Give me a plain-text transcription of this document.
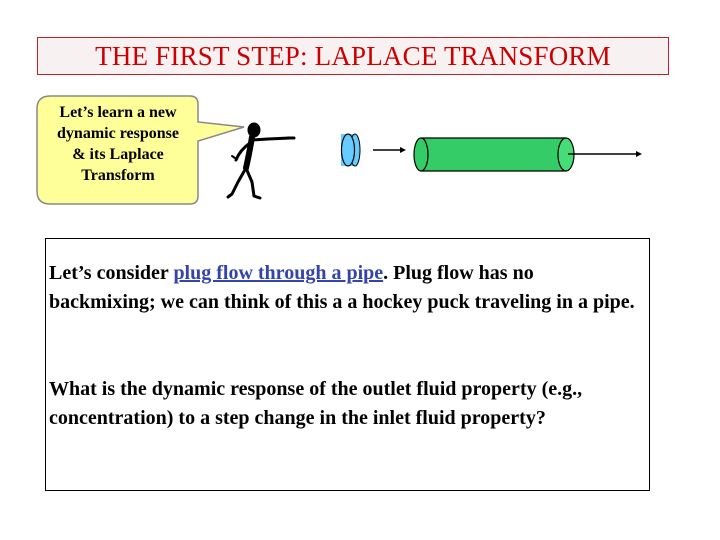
THE FIRST STEP: LAPLACE TRANSFORM
Let’s learn a new
dynamic response
& its Laplace
Transform

Let’s consider plug flow through a pipe. Plug flow has no backmixing; we can think of this a a hockey puck traveling in a pipe.

What is the dynamic response of the outlet fluid property (e.g., concentration) to a step change in the inlet fluid property?
